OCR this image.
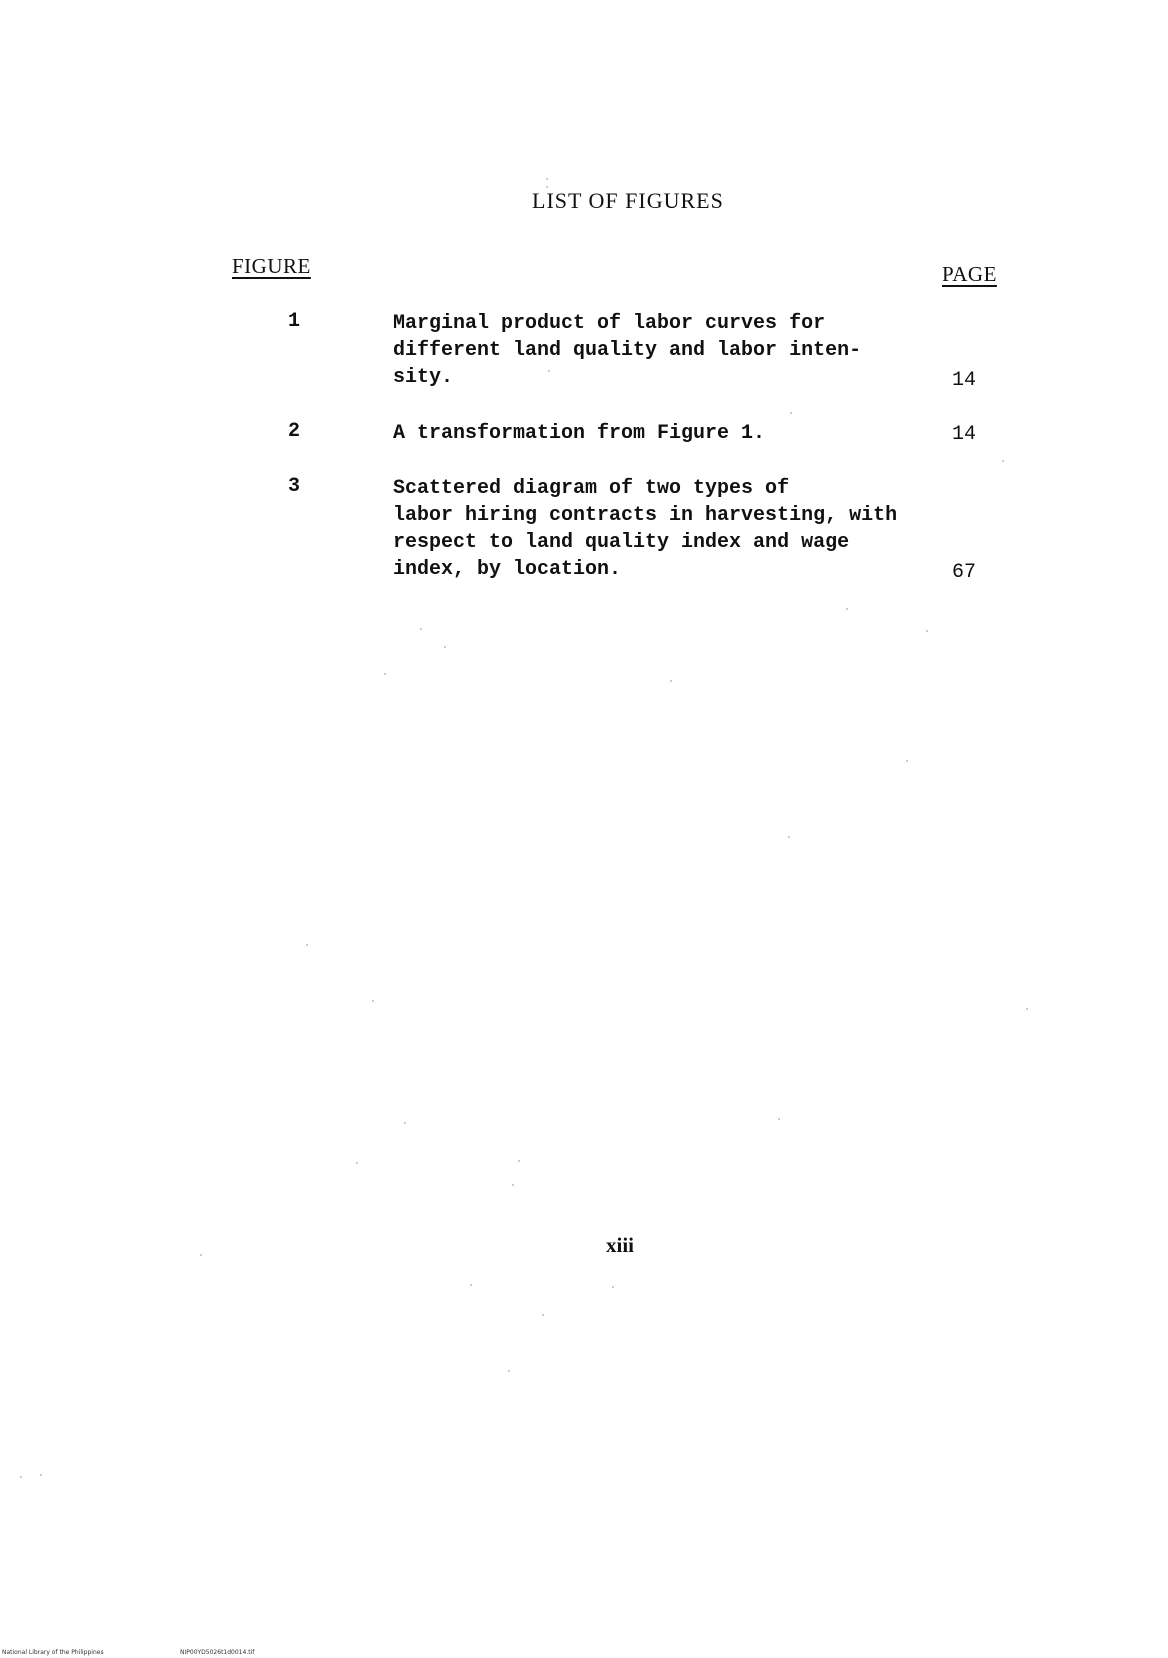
LIST OF FIGURES
FIGURE	PAGE
1	Marginal product of labor curves for
different land quality and labor inten-
sity.	14
2	A transformation from Figure 1.	14
3	Scattered diagram of two types of
labor hiring contracts in harvesting, with
respect to land quality index and wage
index, by location.	67
xiii
National Library of the Philippines	NIP00YD5026t1d0014.tif
